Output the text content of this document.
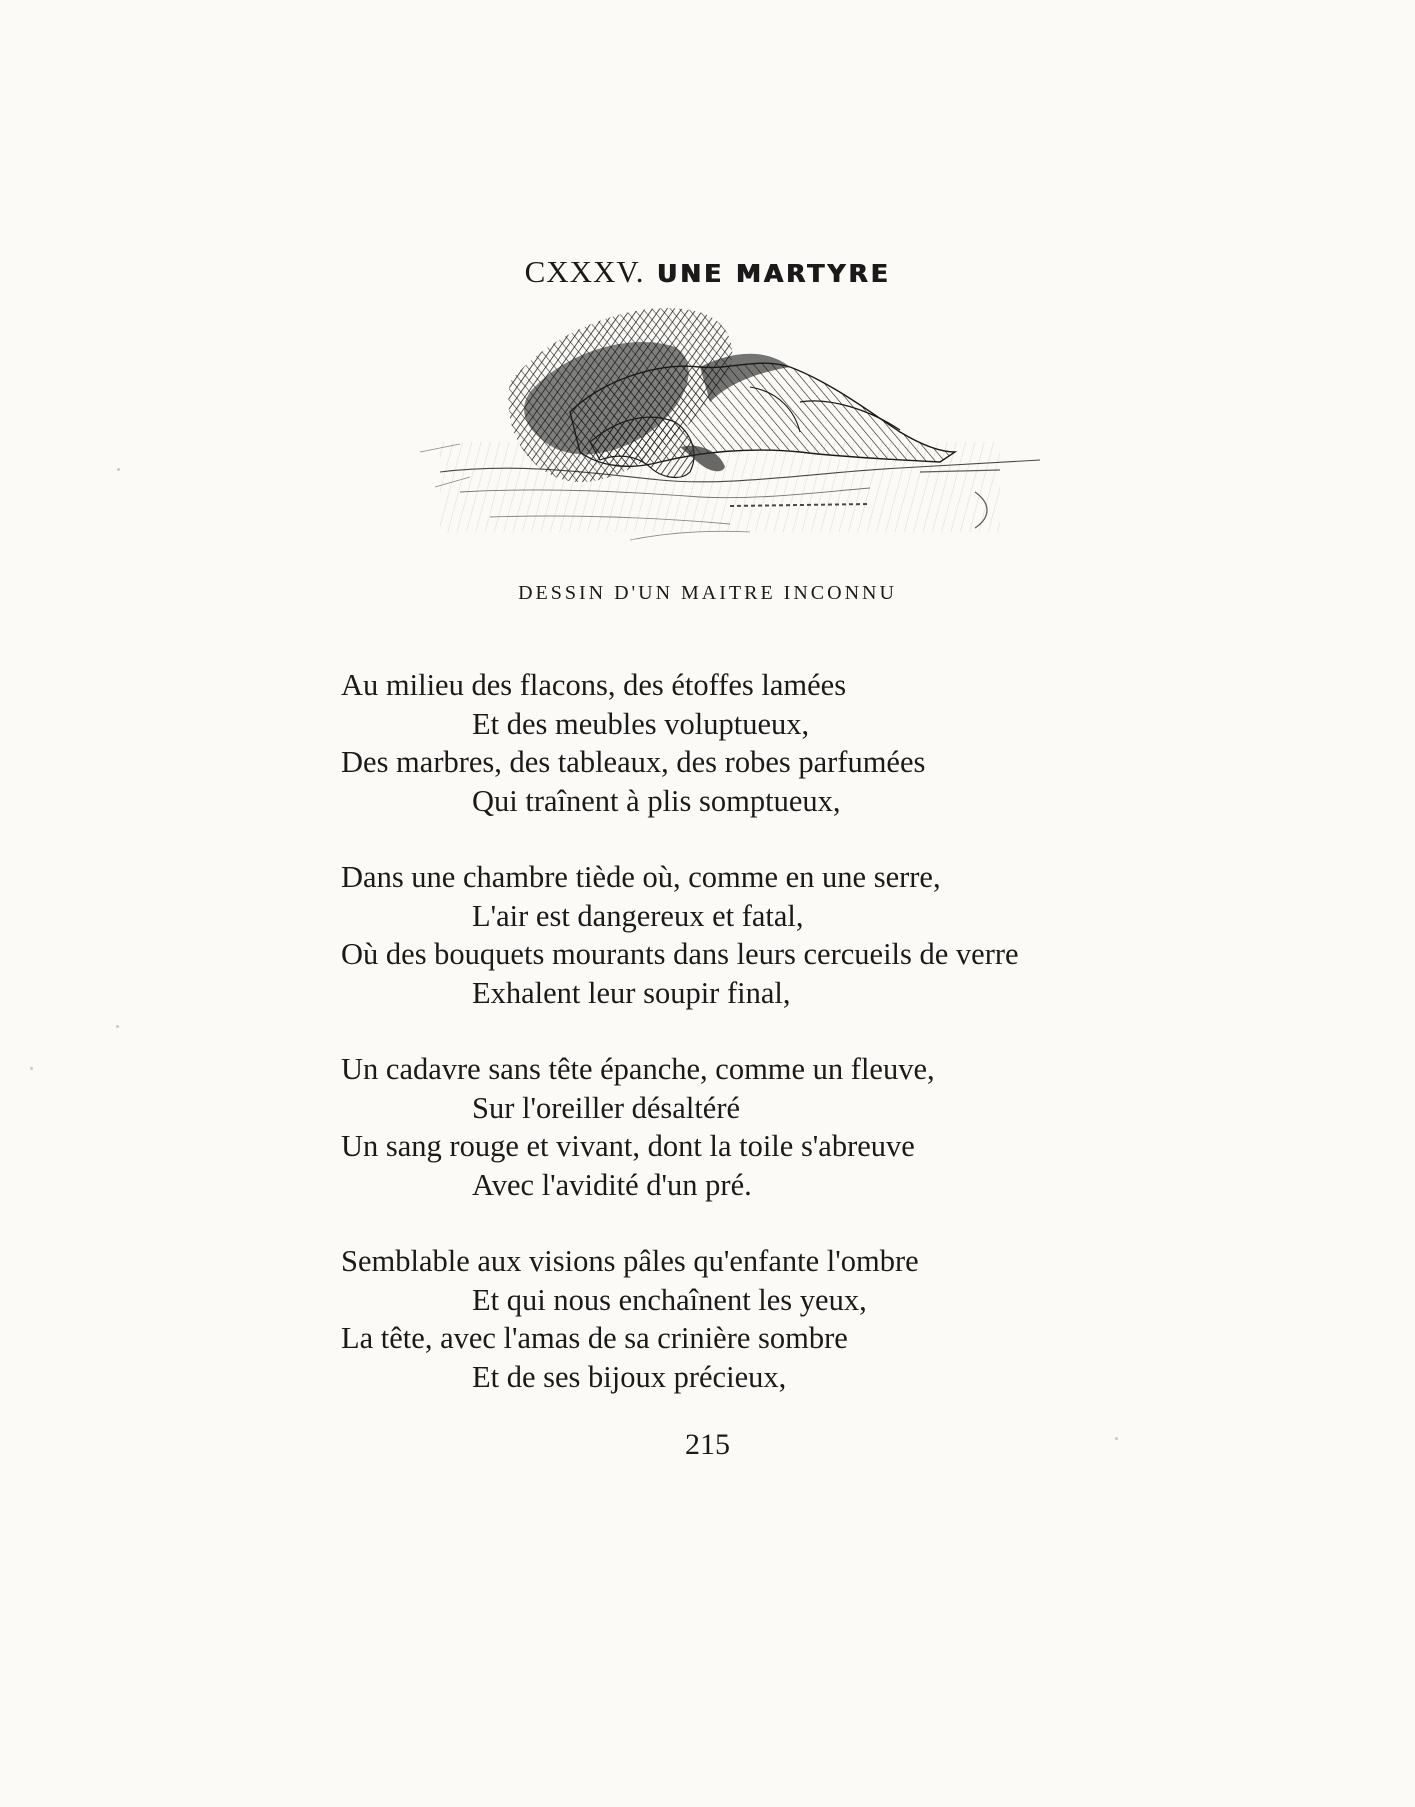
CXXXV. UNE MARTYRE
DESSIN D'UN MAITRE INCONNU
Au milieu des flacons, des étoffes lamées
Et des meubles voluptueux,
Des marbres, des tableaux, des robes parfumées
Qui traînent à plis somptueux,
Dans une chambre tiède où, comme en une serre,
L'air est dangereux et fatal,
Où des bouquets mourants dans leurs cercueils de verre
Exhalent leur soupir final,
Un cadavre sans tête épanche, comme un fleuve,
Sur l'oreiller désaltéré
Un sang rouge et vivant, dont la toile s'abreuve
Avec l'avidité d'un pré.
Semblable aux visions pâles qu'enfante l'ombre
Et qui nous enchaînent les yeux,
La tête, avec l'amas de sa crinière sombre
Et de ses bijoux précieux,
215
